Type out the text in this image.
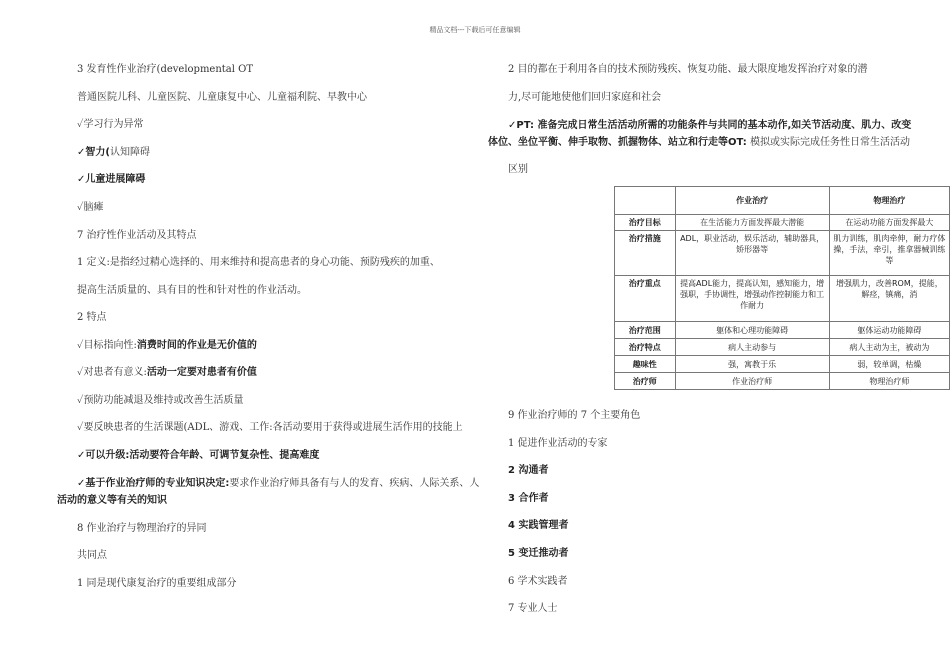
精品文档---下载后可任意编辑
3 发育性作业治疗(developmental OT
普通医院儿科、儿童医院、儿童康复中心、儿童福利院、早教中心
✓学习行为异常
✓智力(认知障碍
✓儿童进展障碍
✓脑瘫
7 治疗性作业活动及其特点
1 定义:是指经过精心选择的、用来维持和提高患者的身心功能、预防残疾的加重、
提高生活质量的、具有目的性和针对性的作业活动。
2 特点
✓目标指向性:消费时间的作业是无价值的
✓对患者有意义:活动一定要对患者有价值
✓预防功能减退及维持或改善生活质量
✓要反映患者的生活课题(ADL、游戏、工作:各活动要用于获得或进展生活作用的技能上
✓可以升级:活动要符合年龄、可调节复杂性、提高难度
✓基于作业治疗师的专业知识决定:要求作业治疗师具备有与人的发育、疾病、人际关系、人
活动的意义等有关的知识
8 作业治疗与物理治疗的异同
共同点
1 同是现代康复治疗的重要组成部分
2 目的都在于利用各自的技术预防残疾、恢复功能、最大限度地发挥治疗对象的潜
力,尽可能地使他们回归家庭和社会
✓PT: 准备完成日常生活活动所需的功能条件与共同的基本动作,如关节活动度、肌力、改变
体位、坐位平衡、伸手取物、抓握物体、站立和行走等OT: 模拟或实际完成任务性日常生活活动
区别
	作业治疗	物理治疗
治疗目标	在生活能力方面发挥最大潜能	在运动功能方面发挥最大
治疗措施	ADL，职业活动，娱乐活动，辅助器具，矫形器等	肌力训练，肌肉牵伸，耐力疗体操，手法，牵引，推拿器械训练等
治疗重点	提高ADL能力，提高认知，感知能力，增强职，手协调性，增强动作控制能力和工作耐力	增强肌力，改善ROM，提能，解痉，镇痛，消
治疗范围	躯体和心理功能障碍	躯体运动功能障碍
治疗特点	病人主动参与	病人主动为主，被动为
趣味性	强，寓教于乐	弱，较单调，枯燥
治疗师	作业治疗师	物理治疗师
9 作业治疗师的 7 个主要角色
1 促进作业活动的专家
2 沟通者
3 合作者
4 实践管理者
5 变迁推动者
6 学术实践者
7 专业人士
